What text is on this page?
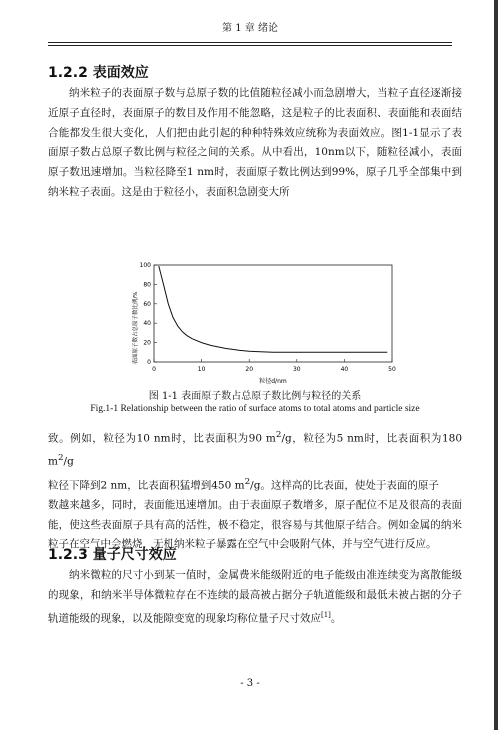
第 1 章 绪论
1.2.2 表面效应

纳米粒子的表面原子数与总原子数的比值随粒径减小而急剧增大，当粒子直径逐渐接近原子直径时，表面原子的数目及作用不能忽略，这是粒子的比表面积、表面能和表面结合能都发生很大变化，人们把由此引起的种种特殊效应统称为表面效应。图1-1显示了表面原子数占总原子数比例与粒径之间的关系。从中看出，10nm以下，随粒径减小，表面原子数迅速增加。当粒径降至1 nm时，表面原子数比例达到99%，原子几乎全部集中到纳米粒子表面。这是由于粒径小，表面积急剧变大所

表面原子数占总原子数比例/%
0	10	20	30	40	50
0
20
40
60
80
100
粒径d/nm
图 1-1 表面原子数占总原子数比例与粒径的关系
Fig.1-1 Relationship between the ratio of surface atoms to total atoms and particle size

致。例如，粒径为10 nm时，比表面积为90 $m^2/g$，粒径为5 nm时，比表面积为180 $m^2/g$

粒径下降到2 nm，比表面积猛增到450 $m^2/g$。这样高的比表面，使处于表面的原子

数越来越多，同时，表面能迅速增加。由于表面原子数增多，原子配位不足及很高的表面能，使这些表面原子具有高的活性，极不稳定，很容易与其他原子结合。例如金属的纳米粒子在空气中会燃烧，无机纳米粒子暴露在空气中会吸附气体，并与空气进行反应。

1.2.3 量子尺寸效应

纳米微粒的尺寸小到某一值时，金属费米能级附近的电子能级由准连续变为离散能级的现象，和纳米半导体微粒存在不连续的最高被占据分子轨道能级和最低未被占据的分子轨道能级的现象，以及能隙变宽的现象均称位量子尺寸效应[1]。

- 3 -
